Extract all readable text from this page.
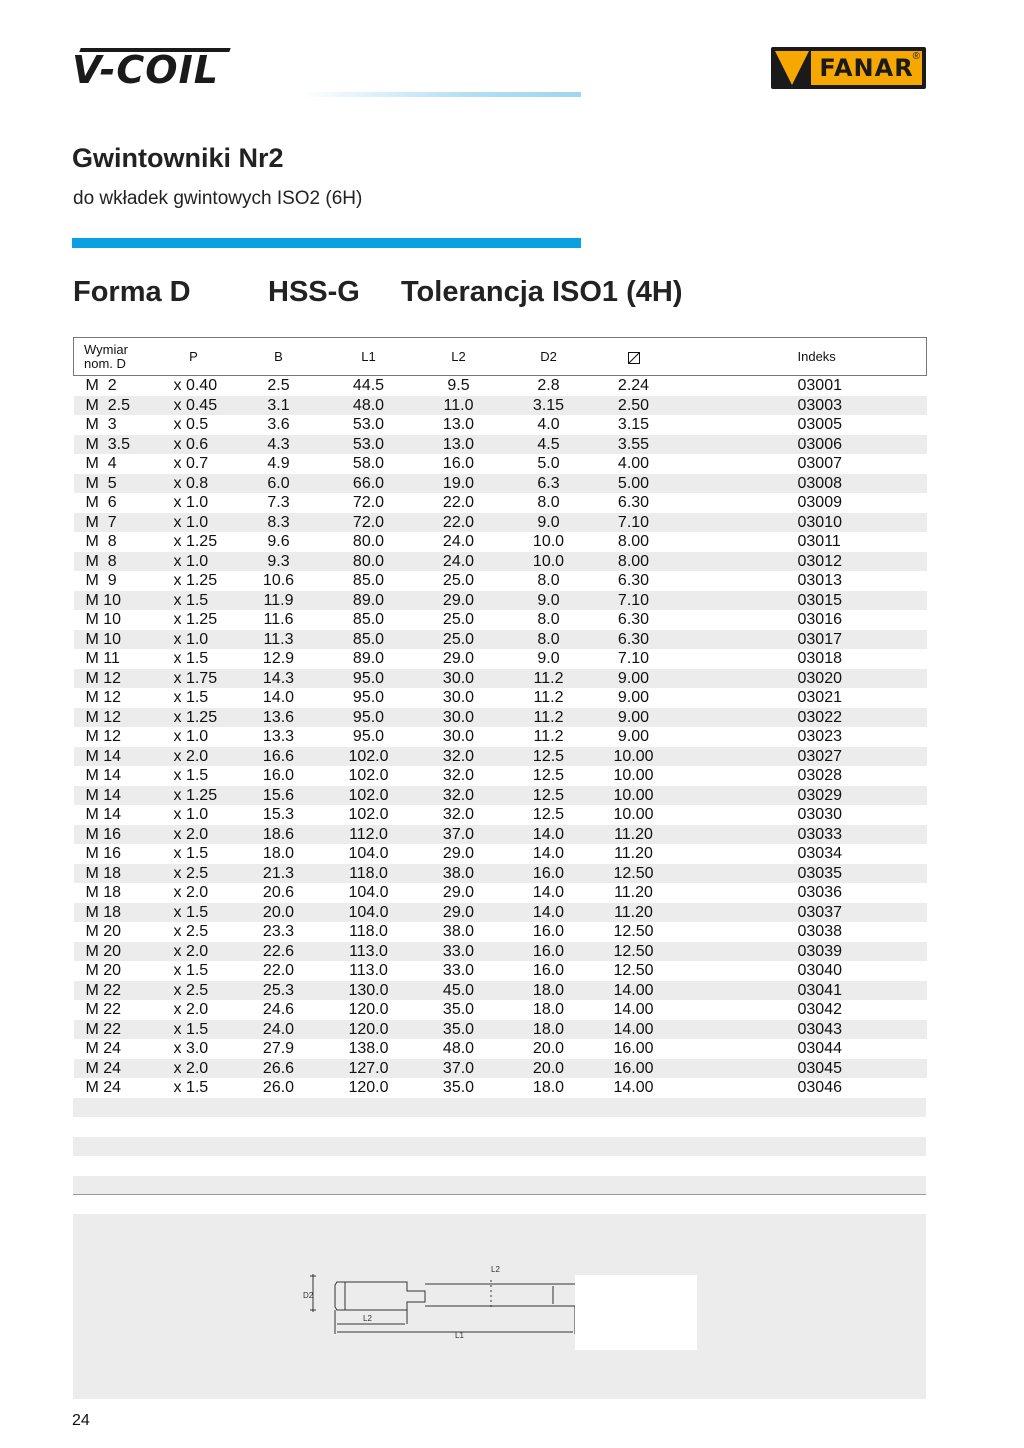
V-COIL	FANAR
®
Gwintowniki Nr2
do wkładek gwintowych ISO2 (6H)
Forma D	HSS-G Tolerancja ISO1 (4H)
Wymiar
nom. D	P	B	L1	L2	D2		Indeks
M  2	x 0.40	2.5	44.5	9.5	2.8	2.24	03001
M  2.5	x 0.45	3.1	48.0	11.0	3.15	2.50	03003
M  3	x 0.5	3.6	53.0	13.0	4.0	3.15	03005
M  3.5	x 0.6	4.3	53.0	13.0	4.5	3.55	03006
M  4	x 0.7	4.9	58.0	16.0	5.0	4.00	03007
M  5	x 0.8	6.0	66.0	19.0	6.3	5.00	03008
M  6	x 1.0	7.3	72.0	22.0	8.0	6.30	03009
M  7	x 1.0	8.3	72.0	22.0	9.0	7.10	03010
M  8	x 1.25	9.6	80.0	24.0	10.0	8.00	03011
M  8	x 1.0	9.3	80.0	24.0	10.0	8.00	03012
M  9	x 1.25	10.6	85.0	25.0	8.0	6.30	03013
M 10	x 1.5	11.9	89.0	29.0	9.0	7.10	03015
M 10	x 1.25	11.6	85.0	25.0	8.0	6.30	03016
M 10	x 1.0	11.3	85.0	25.0	8.0	6.30	03017
M 11	x 1.5	12.9	89.0	29.0	9.0	7.10	03018
M 12	x 1.75	14.3	95.0	30.0	11.2	9.00	03020
M 12	x 1.5	14.0	95.0	30.0	11.2	9.00	03021
M 12	x 1.25	13.6	95.0	30.0	11.2	9.00	03022
M 12	x 1.0	13.3	95.0	30.0	11.2	9.00	03023
M 14	x 2.0	16.6	102.0	32.0	12.5	10.00	03027
M 14	x 1.5	16.0	102.0	32.0	12.5	10.00	03028
M 14	x 1.25	15.6	102.0	32.0	12.5	10.00	03029
M 14	x 1.0	15.3	102.0	32.0	12.5	10.00	03030
M 16	x 2.0	18.6	112.0	37.0	14.0	11.20	03033
M 16	x 1.5	18.0	104.0	29.0	14.0	11.20	03034
M 18	x 2.5	21.3	118.0	38.0	16.0	12.50	03035
M 18	x 2.0	20.6	104.0	29.0	14.0	11.20	03036
M 18	x 1.5	20.0	104.0	29.0	14.0	11.20	03037
M 20	x 2.5	23.3	118.0	38.0	16.0	12.50	03038
M 20	x 2.0	22.6	113.0	33.0	16.0	12.50	03039
M 20	x 1.5	22.0	113.0	33.0	16.0	12.50	03040
M 22	x 2.5	25.3	130.0	45.0	18.0	14.00	03041
M 22	x 2.0	24.6	120.0	35.0	18.0	14.00	03042
M 22	x 1.5	24.0	120.0	35.0	18.0	14.00	03043
M 24	x 3.0	27.9	138.0	48.0	20.0	16.00	03044
M 24	x 2.0	26.6	127.0	37.0	20.0	16.00	03045
M 24	x 1.5	26.0	120.0	35.0	18.0	14.00	03046
D2
L2
L2
L1
24
